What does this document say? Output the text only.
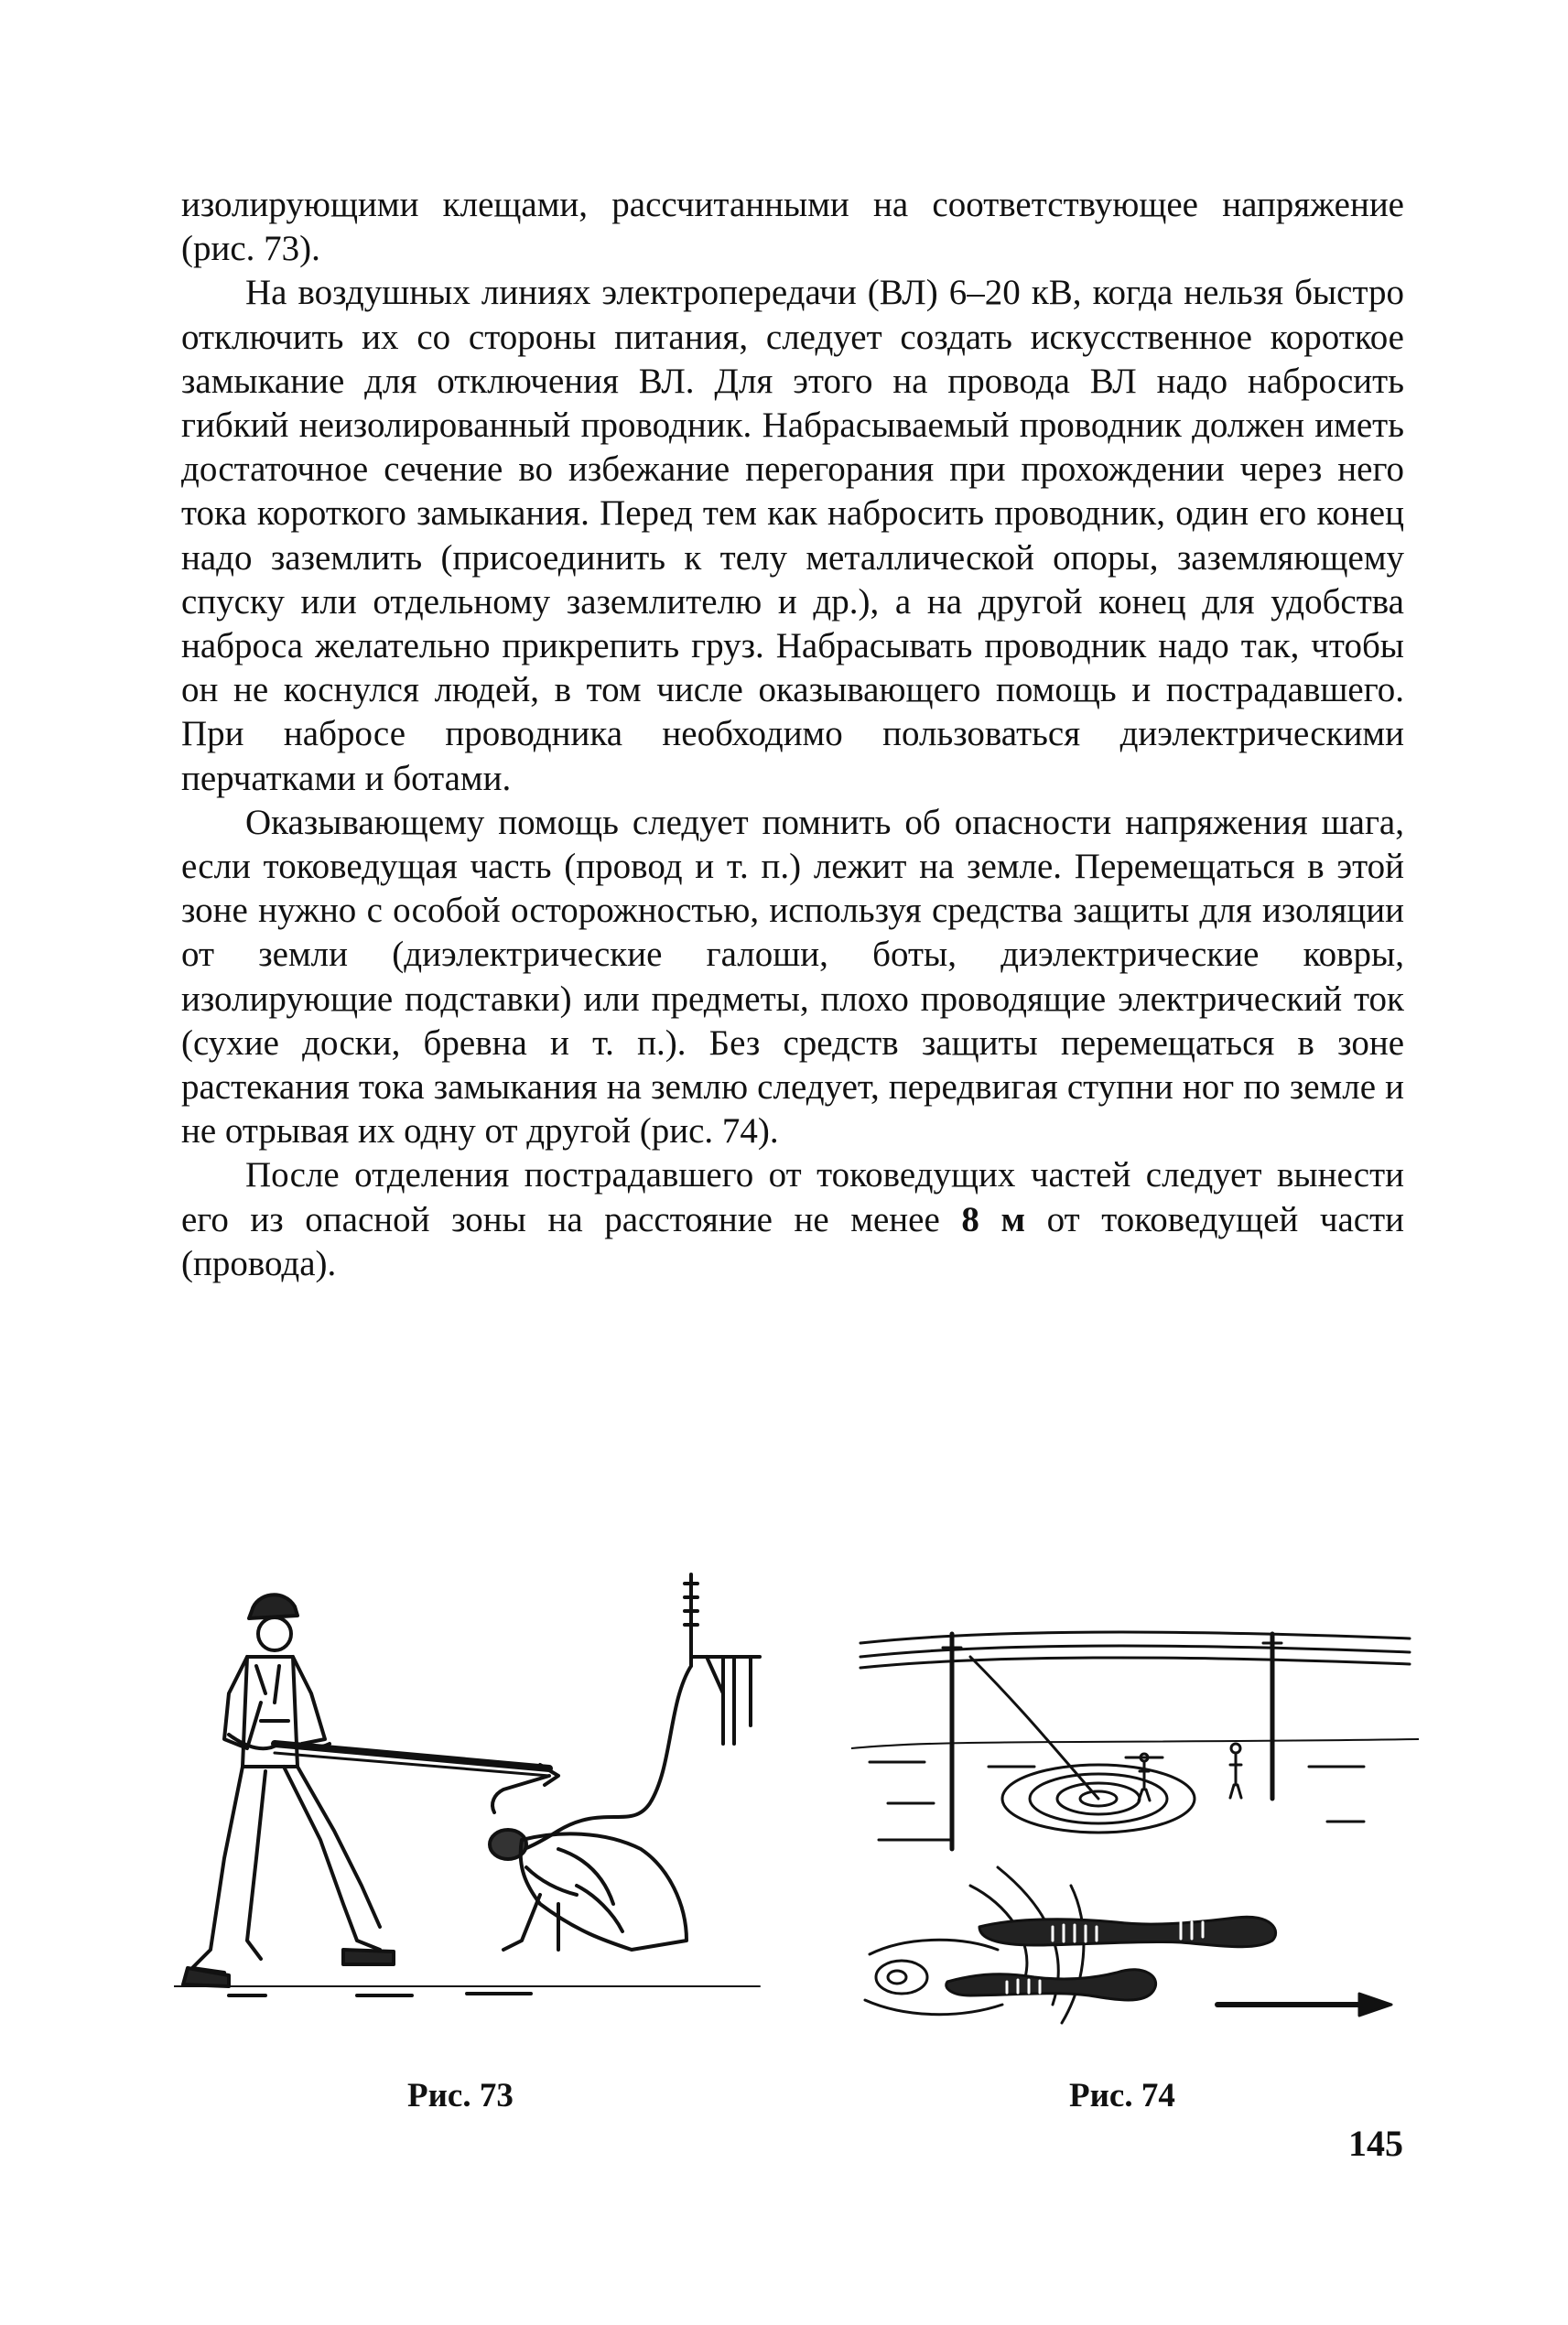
изолирующими клещами, рассчитанными на соответствующее напряжение (рис. 73).

На воздушных линиях электропередачи (ВЛ) 6–20 кВ, когда нельзя быстро отключить их со стороны питания, следует создать искусственное короткое замыкание для отключения ВЛ. Для этого на провода ВЛ надо набросить гибкий неизолированный проводник. Набрасываемый проводник должен иметь достаточное сечение во избежание перегорания при прохождении через него тока короткого замыкания. Перед тем как набросить проводник, один его конец надо заземлить (присоединить к телу металлической опоры, заземляющему спуску или отдельному заземлителю и др.), а на другой конец для удобства наброса желательно прикрепить груз. Набрасывать проводник надо так, чтобы он не коснулся людей, в том числе оказывающего помощь и пострадавшего. При набросе проводника необходимо пользоваться диэлектрическими перчатками и ботами.

Оказывающему помощь следует помнить об опасности напряжения шага, если токоведущая часть (провод и т. п.) лежит на земле. Перемещаться в этой зоне нужно с особой осторожностью, используя средства защиты для изоляции от земли (диэлектрические галоши, боты, диэлектрические ковры, изолирующие подставки) или предметы, плохо проводящие электрический ток (сухие доски, бревна и т. п.). Без средств защиты перемещаться в зоне растекания тока замыкания на землю следует, передвигая ступни ног по земле и не отрывая их одну от другой (рис. 74).

После отделения пострадавшего от токоведущих частей следует вынести его из опасной зоны на расстояние не менее 8 м от токоведущей части (провода).

Рис. 73	Рис. 74
145
